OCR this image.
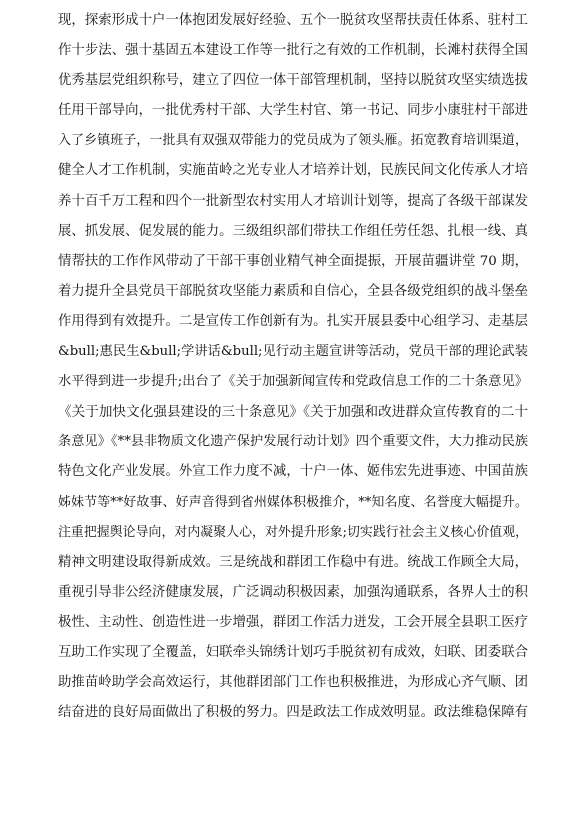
现，探索形成十户一体抱团发展好经验、五个一脱贫攻坚帮扶责任体系、驻村工
作十步法、强十基固五本建设工作等一批行之有效的工作机制，长滩村获得全国
优秀基层党组织称号，建立了四位一体干部管理机制，坚持以脱贫攻坚实绩选拔
任用干部导向，一批优秀村干部、大学生村官、第一书记、同步小康驻村干部进
入了乡镇班子，一批具有双强双带能力的党员成为了领头雁。拓宽教育培训渠道，
健全人才工作机制，实施苗岭之光专业人才培养计划，民族民间文化传承人才培
养十百千万工程和四个一批新型农村实用人才培训计划等，提高了各级干部谋发
展、抓发展、促发展的能力。三级组织部们带扶工作组任劳任怨、扎根一线、真
情帮扶的工作作风带动了干部干事创业精气神全面提振，开展苗疆讲堂 70 期，
着力提升全县党员干部脱贫攻坚能力素质和自信心，全县各级党组织的战斗堡垒
作用得到有效提升。二是宣传工作创新有为。扎实开展县委中心组学习、走基层
&bull;惠民生&bull;学讲话&bull;见行动主题宣讲等活动，党员干部的理论武装
水平得到进一步提升;出台了《关于加强新闻宣传和党政信息工作的二十条意见》
《关于加快文化强县建设的三十条意见》《关于加强和改进群众宣传教育的二十
条意见》《**县非物质文化遗产保护发展行动计划》四个重要文件，大力推动民族
特色文化产业发展。外宣工作力度不减，十户一体、姬伟宏先进事迹、中国苗族
姊妹节等**好故事、好声音得到省州媒体积极推介，**知名度、名誉度大幅提升。
注重把握舆论导向，对内凝聚人心，对外提升形象;切实践行社会主义核心价值观，
精神文明建设取得新成效。三是统战和群团工作稳中有进。统战工作顾全大局，
重视引导非公经济健康发展，广泛调动积极因素，加强沟通联系，各界人士的积
极性、主动性、创造性进一步增强，群团工作活力迸发，工会开展全县职工医疗
互助工作实现了全覆盖，妇联牵头锦绣计划巧手脱贫初有成效，妇联、团委联合
助推苗岭助学会高效运行，其他群团部门工作也积极推进，为形成心齐气顺、团
结奋进的良好局面做出了积极的努力。四是政法工作成效明显。政法维稳保障有
